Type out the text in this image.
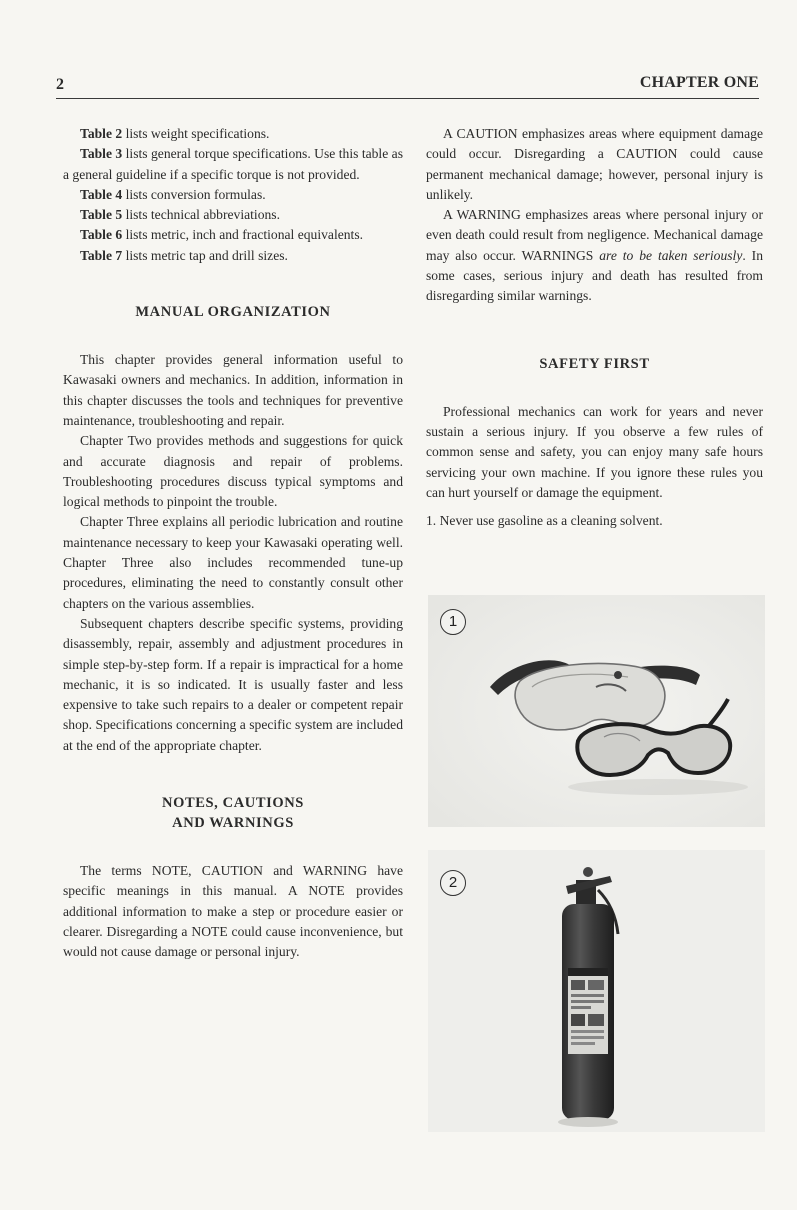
2	CHAPTER ONE

Table 2 lists weight specifications.

Table 3 lists general torque specifications. Use this table as a general guideline if a specific torque is not provided.

Table 4 lists conversion formulas.

Table 5 lists technical abbreviations.

Table 6 lists metric, inch and fractional equivalents.

Table 7 lists metric tap and drill sizes.

MANUAL ORGANIZATION

This chapter provides general information useful to Kawasaki owners and mechanics. In addition, information in this chapter discusses the tools and techniques for preventive maintenance, troubleshooting and repair.

Chapter Two provides methods and suggestions for quick and accurate diagnosis and repair of problems. Troubleshooting procedures discuss typical symptoms and logical methods to pinpoint the trouble.

Chapter Three explains all periodic lubrication and routine maintenance necessary to keep your Kawasaki operating well. Chapter Three also includes recommended tune-up procedures, eliminating the need to constantly consult other chapters on the various assemblies.

Subsequent chapters describe specific systems, providing disassembly, repair, assembly and adjustment procedures in simple step-by-step form. If a repair is impractical for a home mechanic, it is so indicated. It is usually faster and less expensive to take such repairs to a dealer or competent repair shop. Specifications concerning a specific system are included at the end of the appropriate chapter.

NOTES, CAUTIONS
AND WARNINGS

The terms NOTE, CAUTION and WARNING have specific meanings in this manual. A NOTE provides additional information to make a step or procedure easier or clearer. Disregarding a NOTE could cause inconvenience, but would not cause damage or personal injury.

A CAUTION emphasizes areas where equipment damage could occur. Disregarding a CAUTION could cause permanent mechanical damage; however, personal injury is unlikely.

A WARNING emphasizes areas where personal injury or even death could result from negligence. Mechanical damage may also occur. WARNINGS are to be taken seriously. In some cases, serious injury and death has resulted from disregarding similar warnings.

SAFETY FIRST

Professional mechanics can work for years and never sustain a serious injury. If you observe a few rules of common sense and safety, you can enjoy many safe hours servicing your own machine. If you ignore these rules you can hurt yourself or damage the equipment.

1. Never use gasoline as a cleaning solvent.

1
2
